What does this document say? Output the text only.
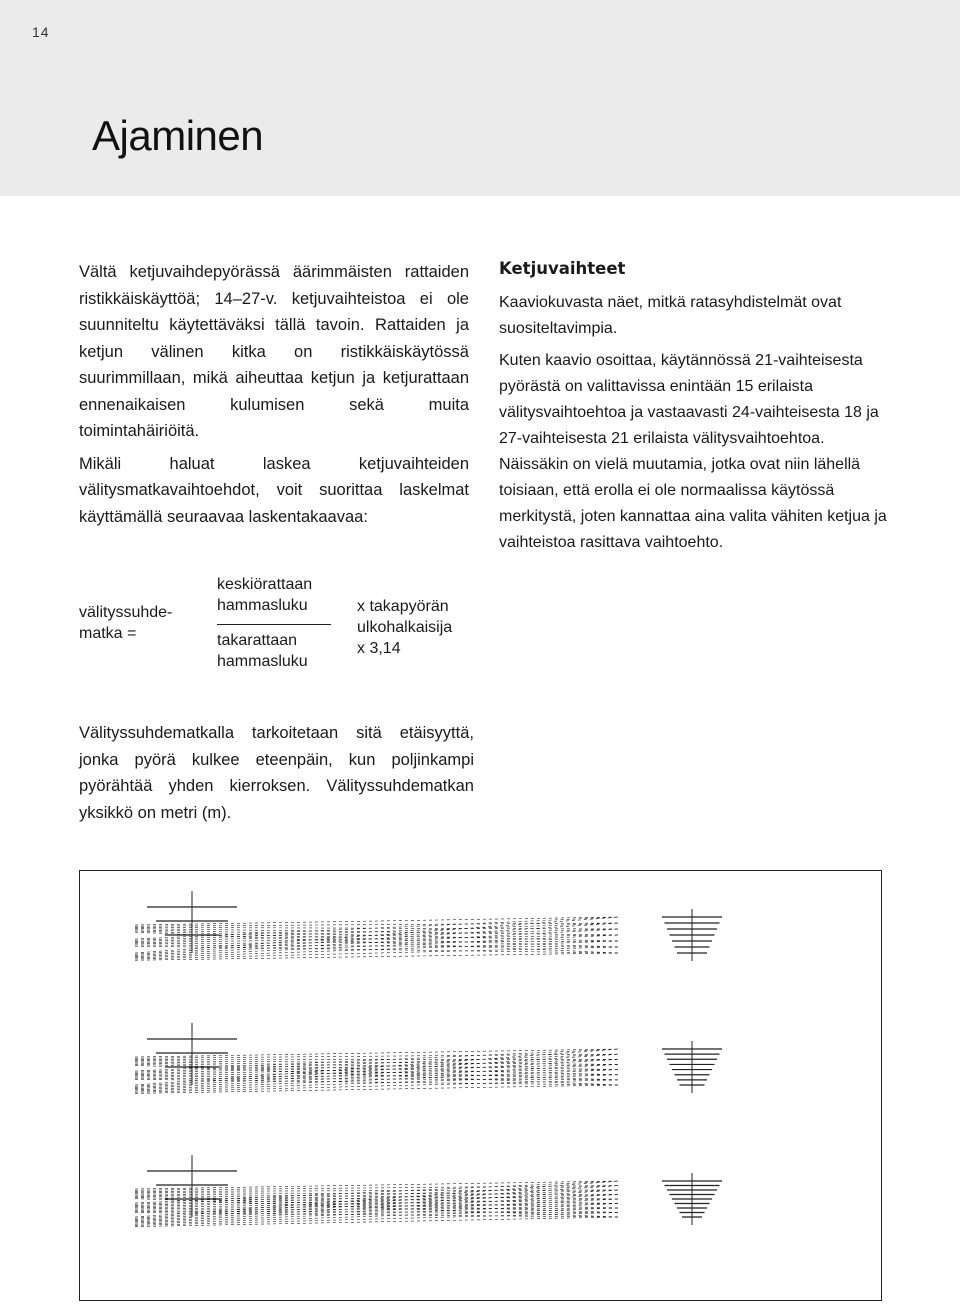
14
Ajaminen

Vältä ketjuvaihdepyörässä äärimmäisten rattaiden ristikkäiskäyttöä; 14–27-v. ketjuvaihteistoa ei ole suunniteltu käytettäväksi tällä tavoin. Rattaiden ja ketjun välinen kitka on ristikkäiskäytössä suurimmillaan, mikä aiheuttaa ketjun ja ketjurattaan ennenaikaisen kulumisen sekä muita toimintahäiriöitä.

Mikäli haluat laskea ketjuvaihteiden välitysmatkavaihtoehdot, voit suorittaa laskelmat käyttämällä seuraavaa laskentakaavaa:

välityssuhde-
matka =
keskiörattaan
hammasluku
takarattaan
hammasluku
x takapyörän
ulkohalkaisija
x 3,14

Välityssuhdematkalla tarkoitetaan sitä etäisyyttä, jonka pyörä kulkee eteenpäin, kun poljinkampi pyörähtää yhden kierroksen. Välityssuhdematkan yksikkö on metri (m).

Ketjuvaihteet

Kaaviokuvasta näet, mitkä ratasyhdistelmät ovat suositeltavimpia.

Kuten kaavio osoittaa, käytännössä 21-vaihteisesta pyörästä on valittavissa enintään 15 erilaista välitysvaihtoehtoa ja vastaavasti 24-vaihteisesta 18 ja 27-vaihteisesta 21 erilaista välitysvaihtoehtoa. Näissäkin on vielä muutamia, jotka ovat niin lähellä toisiaan, että erolla ei ole normaalissa käytössä merkitystä, joten kannattaa aina valita vähiten ketjua ja vaihteistoa rasittava vaihtoehto.
